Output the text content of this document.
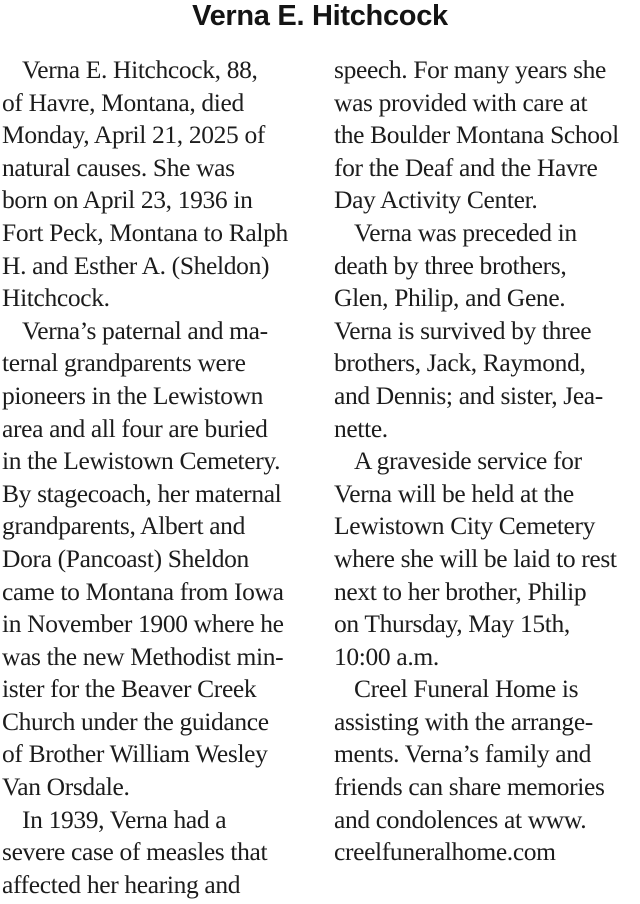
Verna E. Hitchcock
Verna E. Hitchcock, 88,
of Havre, Montana, died
Monday, April 21, 2025 of
natural causes. She was
born on April 23, 1936 in
Fort Peck, Montana to Ralph
H. and Esther A. (Sheldon)
Hitchcock.
Verna’s paternal and ma-
ternal grandparents were
pioneers in the Lewistown
area and all four are buried
in the Lewistown Cemetery.
By stagecoach, her maternal
grandparents, Albert and
Dora (Pancoast) Sheldon
came to Montana from Iowa
in November 1900 where he
was the new Methodist min-
ister for the Beaver Creek
Church under the guidance
of Brother William Wesley
Van Orsdale.
In 1939, Verna had a
severe case of measles that
affected her hearing and
speech. For many years she
was provided with care at
the Boulder Montana School
for the Deaf and the Havre
Day Activity Center.
Verna was preceded in
death by three brothers,
Glen, Philip, and Gene.
Verna is survived by three
brothers, Jack, Raymond,
and Dennis; and sister, Jea-
nette.
A graveside service for
Verna will be held at the
Lewistown City Cemetery
where she will be laid to rest
next to her brother, Philip
on Thursday, May 15th,
10:00 a.m.
Creel Funeral Home is
assisting with the arrange-
ments. Verna’s family and
friends can share memories
and condolences at www.
creelfuneralhome.com
